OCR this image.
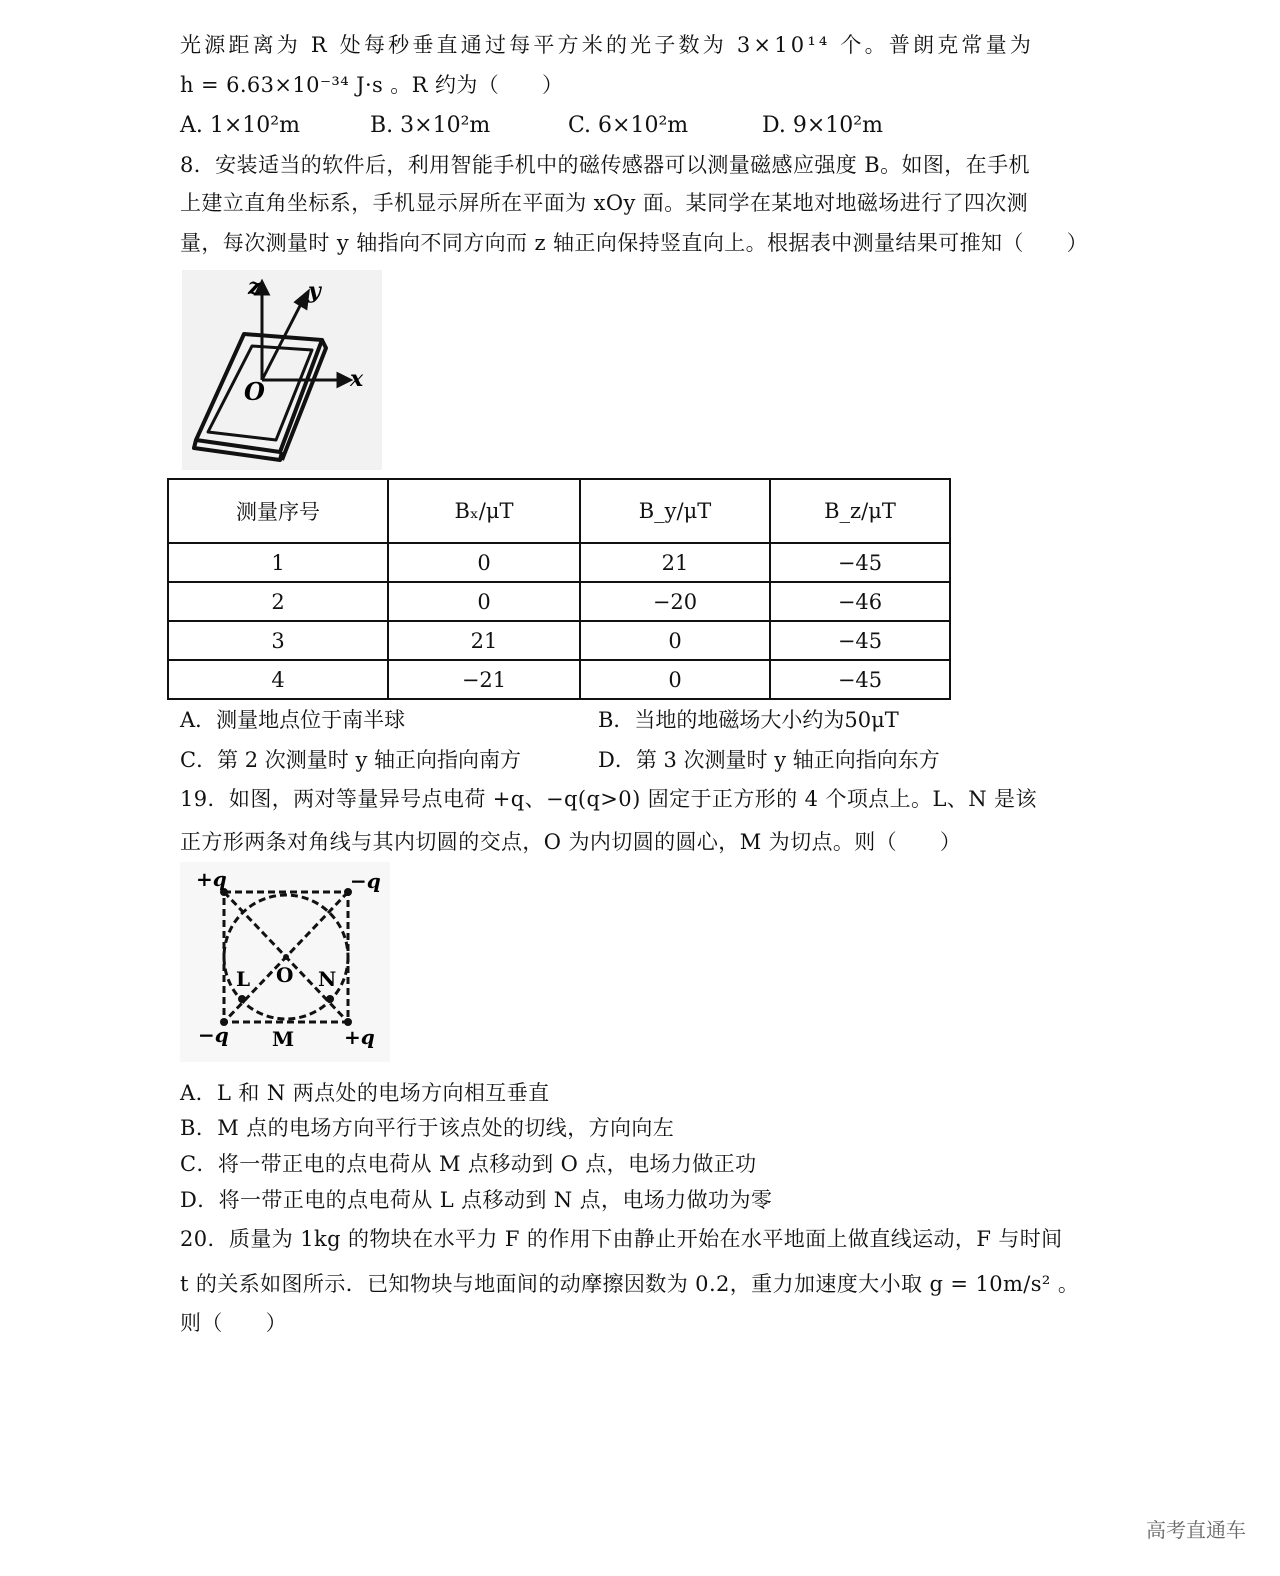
光源距离为 R 处每秒垂直通过每平方米的光子数为 3×10¹⁴ 个。普朗克常量为
h = 6.63×10⁻³⁴ J·s 。R 约为（　　）
A. 1×10²m	B. 3×10²m	C. 6×10²m	D. 9×10²m
8．安装适当的软件后，利用智能手机中的磁传感器可以测量磁感应强度 B。如图，在手机
上建立直角坐标系，手机显示屏所在平面为 xOy 面。某同学在某地对地磁场进行了四次测
量，每次测量时 y 轴指向不同方向而 z 轴正向保持竖直向上。根据表中测量结果可推知（　　）
z y
x
O
测量序号	Bₓ/μT	B_y/μT	B_z/μT
1	0	21	−45
2	0	−20	−46
3	21	0	−45
4	−21	0	−45
A．测量地点位于南半球	B．当地的地磁场大小约为50μT
C．第 2 次测量时 y 轴正向指向南方	D．第 3 次测量时 y 轴正向指向东方
19．如图，两对等量异号点电荷 +q、−q(q>0) 固定于正方形的 4 个项点上。L、N 是该
正方形两条对角线与其内切圆的交点，O 为内切圆的圆心，M 为切点。则（　　）
+q	−q
−q	+q
L O N
M
A．L 和 N 两点处的电场方向相互垂直
B．M 点的电场方向平行于该点处的切线，方向向左
C．将一带正电的点电荷从 M 点移动到 O 点，电场力做正功
D．将一带正电的点电荷从 L 点移动到 N 点，电场力做功为零
20．质量为 1kg 的物块在水平力 F 的作用下由静止开始在水平地面上做直线运动，F 与时间
t 的关系如图所示．已知物块与地面间的动摩擦因数为 0.2，重力加速度大小取 g = 10m/s² 。
则（　　）
高考直通车
